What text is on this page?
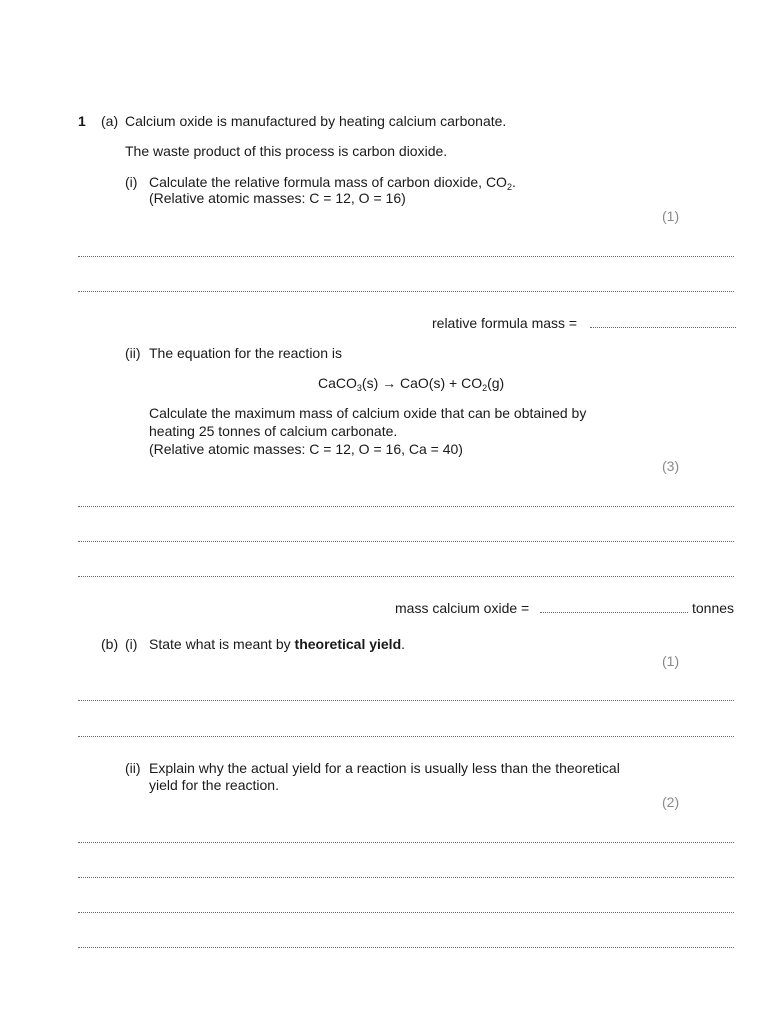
1 (a) Calcium oxide is manufactured by heating calcium carbonate.
The waste product of this process is carbon dioxide.
(i) Calculate the relative formula mass of carbon dioxide, $CO_2$.
(Relative atomic masses: C = 12, O = 16)
(1)
relative formula mass =
(ii) The equation for the reaction is
CaCO$_3$(s) → $CaO(s) + CO_2(g)$
Calculate the maximum mass of calcium oxide that can be obtained by
heating 25 tonnes of calcium carbonate.
(Relative atomic masses: C = 12, O = 16, Ca = 40)
(3)
mass calcium oxide =	tonnes
(b) (i) State what is meant by theoretical yield.
(1)
(ii) Explain why the actual yield for a reaction is usually less than the theoretical
yield for the reaction.
(2)
